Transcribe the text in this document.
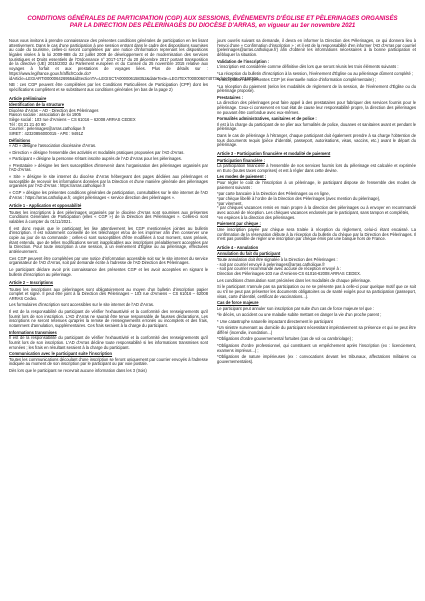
CONDITIONS GÉNÉRALES DE PARTICIPATION (CGP) AUX SESSIONS, ÉVÉNEMENTS D'ÉGLISE ET PÈLERINAGES ORGANISÉS
PAR LA DIRECTION DES PÈLERINAGES DU DIOCÈSE D'ARRAS, en vigueur au 1er novembre 2021

Nous vous invitons à prendre connaissance des présentes conditions générales de participation en les lisant attentivement. Dans le cas d'une participation à une session entrant dans le cadre des dispositions soumises au code du tourisme, celles-ci seront complétées par une notice d'information reprenant les dispositions légales visées à la loi 2009-888 du 22 juillet 2009 de développement et de modernisation des services touristiques et Droits essentiels de l'Ordonnance n° 2017-1717 du 20 décembre 2017 portant transposition de la directive (UE) 2015/2302 du Parlement européen et du Conseil du 25 novembre 2015 relative aux voyages à forfait et aux prestations de voyages liées. Plus de détails sur : https://www.legifrance.gouv.fr/affichCode.do?idArticle=LEGIARTI000006426955&idSectionTA=LEGISCTA000006158352&dateTexte=LEGITEXT000006074073&dateTexte=20190204

NB : ces CGP peuvent être complétées par les Conditions Particulières de Participation (CPP) dont les spécifications complètent et se substituent aux conditions générales (en bas de la page 2)

Article préliminaire
Identification de la structure

Diocèse d'Arras – AD - Direction des Pèlerinages

Raison sociale : association de loi 1905

Siège social : 103 rue d'Amiens – CS 61016 – 62008 ARRAS CEDEX

Tél : 03 21 21 40 90

Courriel : pelerinages@arras.catholique.fr

SIRET : 42320856000015 - APE : 9491Z

Définitions

« AD » désigne l'association diocésaine d'Arras.

« Direction » désigne l'ensemble des activités et modalités pratiques proposées par l'AD d'Arras.

« Participant » désigne la personne s'étant inscrite auprès de l'AD d'Arras pour les pèlerinages.

« Prestataire » désigne les tiers susceptibles d'intervenir dans l'organisation des pèlerinages organisés par l'AD d'Arras.

« Site » désigne le site internet du diocèse d'Arras hébergeant des pages dédiées aux pèlerinages et susceptible de recevoir les informations données par la Direction et d'une manière générale des pèlerinages organisés par l'AD d'Arras : https://arras.catholique.fr

« CGP » désigne les présentes conditions générales de participation, consultables sur le site internet de l'AD d'Arras : https://arras.catholique.fr, onglet pèlerinages « service direction des pèlerinages ».

Article 1 - Application et opposabilité

Toutes les inscriptions à des pèlerinages organisés par le diocèse d'Arras sont soumises aux présentes Conditions Générales de Participation (elles « CGP ») de la Direction des Pèlerinages ». Celles-ci sont valables à compter du 01/11/2021.

Il est donc requis que le participant les lise attentivement les CGP mentionnées jointes au bulletin d'inscription. Il est notamment conseillé de les télécharger et/ou de les imprimer afin d'en conserver une copie au jour de sa commande ; celles-ci sont susceptibles d'être modifiées à tout moment, sans préavis, étant entendu, que de telles modifications seront inapplicables aux inscriptions préalablement acceptées par la Direction. Pour toute inscription à une session, à un événement d'Église ou au pèlerinage, effectuées antérieurement.

Ces CGP peuvent être complétées par une notice d'information accessible soit sur le site internet du service organisateur de l'AD d'Arras, soit par demande écrite à l'adresse de l'AD Direction des Pèlerinages.

Le participant déclare avoir pris connaissance des présentes CGP et les avoir acceptées en signant le bulletin d'inscription au pèlerinage.

Article 2 – Inscriptions

Toutes les inscriptions aux pèlerinages sont obligatoirement au moyen d'un bulletin d'inscription papier complet et signé. Il peut être joint à la Direction des Pèlerinages – 103 rue d'Amiens – CS 61016 – 62008 ARRAS Cedex.

Les formulaires d'inscription sont accessibles sur le site internet de l'AD d'Arras.

Il est de la responsabilité du participant de vérifier l'exhaustivité et la conformité des renseignements qu'il fournit lors de son inscription. L'AD d'Arras ne saurait être tenue responsable de fausses déclarations. Les inscriptions ne seront retenues qu'après la remise de renseignements erronés ou incomplets et des frais, notamment d'annulation, supplémentaires. Ces frais seraient à la charge du participant.

Informations transmises

Il est de la responsabilité du participant de vérifier l'exhaustivité et la conformité des renseignements qu'il fournit lors de son inscription. L'AD d'Arras décline toute responsabilité si les informations transmises sont erronées ; les frais en résultant seraient à la charge du participant.

Communication avec le participant suite l'inscription

Toutes les communications découlant d'une inscription se feront uniquement par courrier envoyés à l'adresse indiquée au moment de son inscription par le participant ou par voie postale.

Dès lors que le participant ne recevrait aucune information dans les 3 (trois)

jours ouvrés suivant sa demande, il devra en informer la Direction des Pèlerinages, ce qui donnera lieu à l'envoi d'une « Confirmation d'inscription » ; et il est de la responsabilité d'en informer l'AD d'Arras par courriel (pelerinages@arras.catholique.fr) afin d'obtenir les informations nécessaires à la bonne participation et débloquer la situation.

Validation de l'inscription :

L'inscription est considérée comme définitive dès lors que seront réunis les trois éléments suivants :

*La réception du bulletin d'inscription à la session, l'événement d'Église ou au pèlerinage dûment complété ;

*L'acceptation des présentes CGP (et éventuelle notice d'information complémentaire) ;

*La réception du paiement (selon les modalités de règlement de la session, de l'événement d'Église ou du pèlerinage proposé).

Prestataires :

La direction des pèlerinages peut faire appel à des prestataires pour fabriquer des services fournis pour le pèlerinage. Ceux-ci conservent en tout état de cause leur responsabilité propre, la direction des pèlerinages ne pouvant être confondue avec eux-mêmes.

Formalités administratives, sanitaires et de police :

Il est à la charge du participant de se plier aux formalités de police, douanes et sanitaires avant et pendant le pèlerinage.

Dans le cas de pèlerinage à l'étranger, chaque participant doit également prendre à sa charge l'obtention de tous documents requis (pièce d'identité, passeport, autorisations, visas, vaccins, etc.) avant le départ du pèlerinage.

Article 3 - Participation financière et modalité de paiement
Participation financière :

La participation financière à l'ensemble de nos services fournis lors du pèlerinage est calculée et exprimée en Euro (toutes taxes comprises) et est à régler dans cette devise.

Les modes de paiement :

Pour régler le coût de l'inscription à un pèlerinage, le participant dispose de l'ensemble des modes de paiement suivants :

*par carte bancaire à la Direction des Pèlerinages ou en ligne,

*par chèque libellé à l'ordre de la Direction des Pèlerinages (avec mention du pèlerinage),

*par virement,

* par chèques vacances remis en main propre à la direction des pèlerinages ou à envoyer en recommandé avec accusé de réception. Les chèques vacances endossés par le participant, sans tampon et complétés,

*en espèces à la direction des pèlerinages.

Paiement par chèque :

Une inscription payée par chèque sera traitée à réception du règlement, celui-ci étant encaissé. La confirmation de la réservation débute à la réception du bulletin du chèque par la Direction des Pèlerinages. Il n'est pas possible de régler une inscription par chèque émis par une banque hors de France.

Article 4 - Annulation
Annulation du fait du participant

Toute annulation doit être signalée à la Direction des Pèlerinages :

- soit par courriel envoyé à pelerinages@arras.catholique.fr

- soit par courrier recommandé avec accusé de réception envoyé à :

Direction des Pèlerinages-103 rue d'Amiens-CS 61016-62008 ARRAS CEDEX.

Les conditions d'annulation sont précisées dans les modalités de chaque pèlerinage.

Si le participant n'annule pas sa participation ou ne se présente pas à celle-ci pour quelque motif que ce soit ou s'il ne peut pas présenter les documents obligatoires ou de santé exigés pour sa participation (passeport, visas, carte d'identité, certificat de vaccinations...).

Cas de force majeure

Le participant peut annuler son inscription par suite d'un cas de force majeure tel que :

*le décès, un accident ou une maladie subite mettant en danger la vie d'un proche parent ;

* Une catastrophe naturelle impactant directement le participant

*Un sinistre survenant au domicile du participant nécessitant impérativement sa présence et qui ne peut être différé (incendie, inondation...)

*Obligations d'ordre gouvernemental fortuites (cas de vol ou cambriolage) ;

*Obligations d'ordre professionnel, qui constituent un empêchement après l'inscription (ex : licenciement, examens imprévus...) ;

*Obligations de nature impérieuses (ex : convocations devant les tribunaux, affectations militaires ou gouvernementales).
